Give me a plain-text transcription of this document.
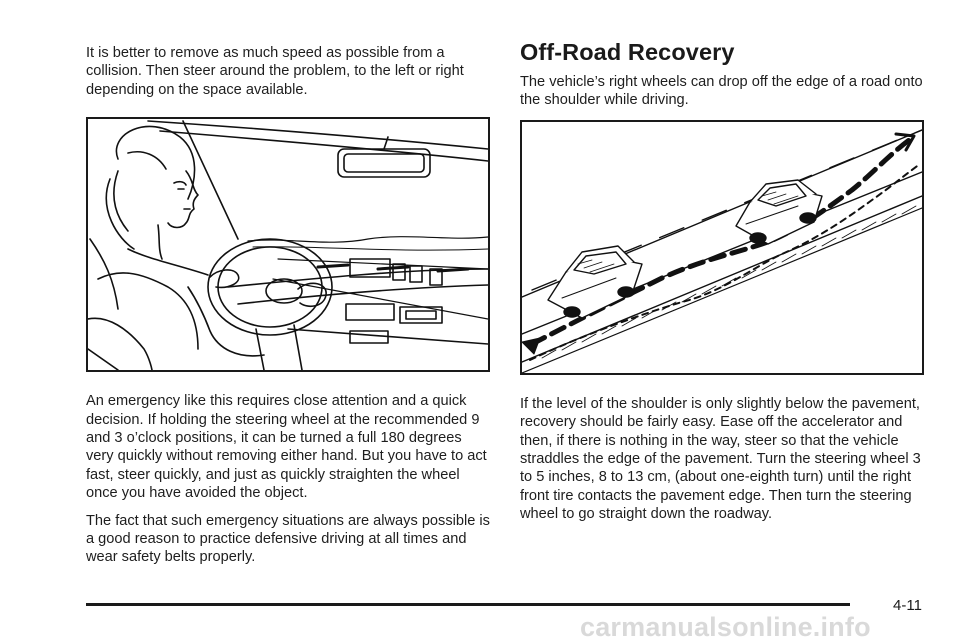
It is better to remove as much speed as possible from a collision. Then steer around the problem, to the left or right depending on the space available.

An emergency like this requires close attention and a quick decision. If holding the steering wheel at the recommended 9 and 3 o’clock positions, it can be turned a full 180 degrees very quickly without removing either hand. But you have to act fast, steer quickly, and just as quickly straighten the wheel once you have avoided the object.

The fact that such emergency situations are always possible is a good reason to practice defensive driving at all times and wear safety belts properly.

Off-Road Recovery

The vehicle’s right wheels can drop off the edge of a road onto the shoulder while driving.

If the level of the shoulder is only slightly below the pavement, recovery should be fairly easy. Ease off the accelerator and then, if there is nothing in the way, steer so that the vehicle straddles the edge of the pavement. Turn the steering wheel 3 to 5 inches, 8 to 13 cm, (about one-eighth turn) until the right front tire contacts the pavement edge. Then turn the steering wheel to go straight down the roadway.

4-11
carmanualsonline.info
